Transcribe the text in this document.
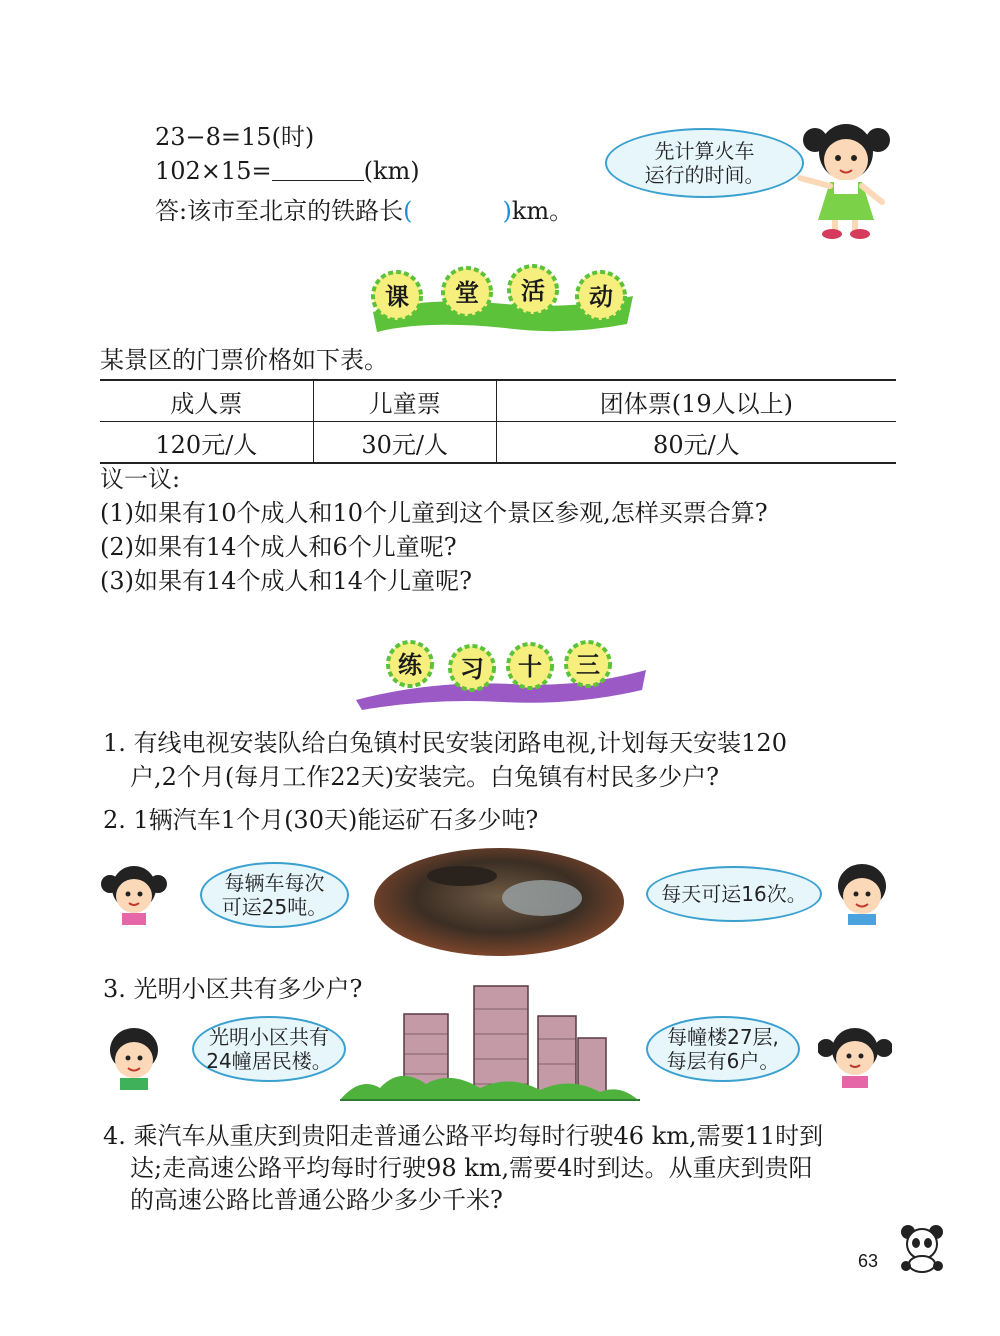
23−8=15(时)
102×15=	(km)
答:该市至北京的铁路长(	)km。
先计算火车
运行的时间。
课 堂 活 动
某景区的门票价格如下表。
成人票	儿童票	团体票(19人以上)
120元/人	30元/人	80元/人
议一议:
(1)如果有10个成人和10个儿童到这个景区参观,怎样买票合算?
(2)如果有14个成人和6个儿童呢?
(3)如果有14个成人和14个儿童呢?
练 习 十 三
1. 有线电视安装队给白兔镇村民安装闭路电视,计划每天安装120
户,2个月(每月工作22天)安装完。白兔镇有村民多少户?
2. 1辆汽车1个月(30天)能运矿石多少吨?
每辆车每次
可运25吨。
每天可运16次。
3. 光明小区共有多少户?
光明小区共有
24幢居民楼。
每幢楼27层,
每层有6户。
4. 乘汽车从重庆到贵阳走普通公路平均每时行驶46 km,需要11时到
达;走高速公路平均每时行驶98 km,需要4时到达。从重庆到贵阳
的高速公路比普通公路少多少千米?
63
